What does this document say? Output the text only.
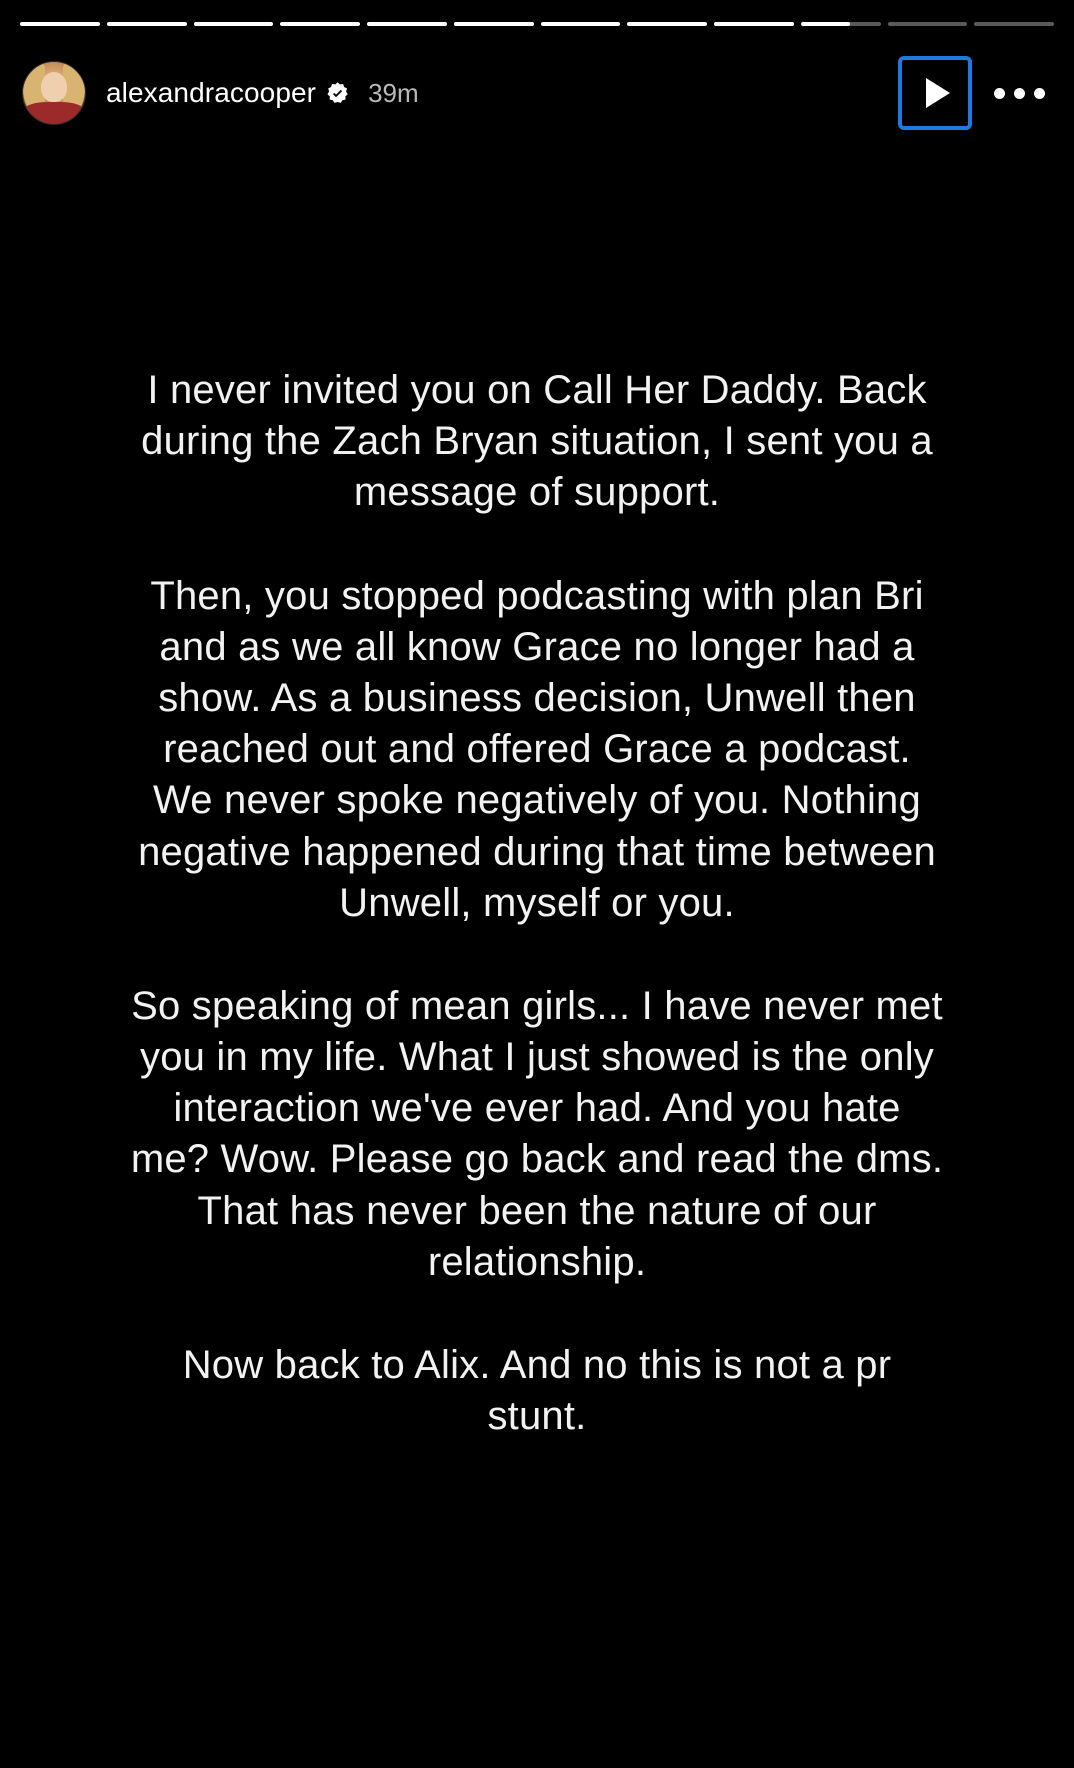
alexandracooper 39m

I never invited you on Call Her Daddy. Back during the Zach Bryan situation, I sent you a message of support.

Then, you stopped podcasting with plan Bri and as we all know Grace no longer had a show. As a business decision, Unwell then reached out and offered Grace a podcast. We never spoke negatively of you. Nothing negative happened during that time between Unwell, myself or you.

So speaking of mean girls... I have never met you in my life. What I just showed is the only interaction we've ever had. And you hate me? Wow. Please go back and read the dms. That has never been the nature of our relationship.

Now back to Alix. And no this is not a pr stunt.
